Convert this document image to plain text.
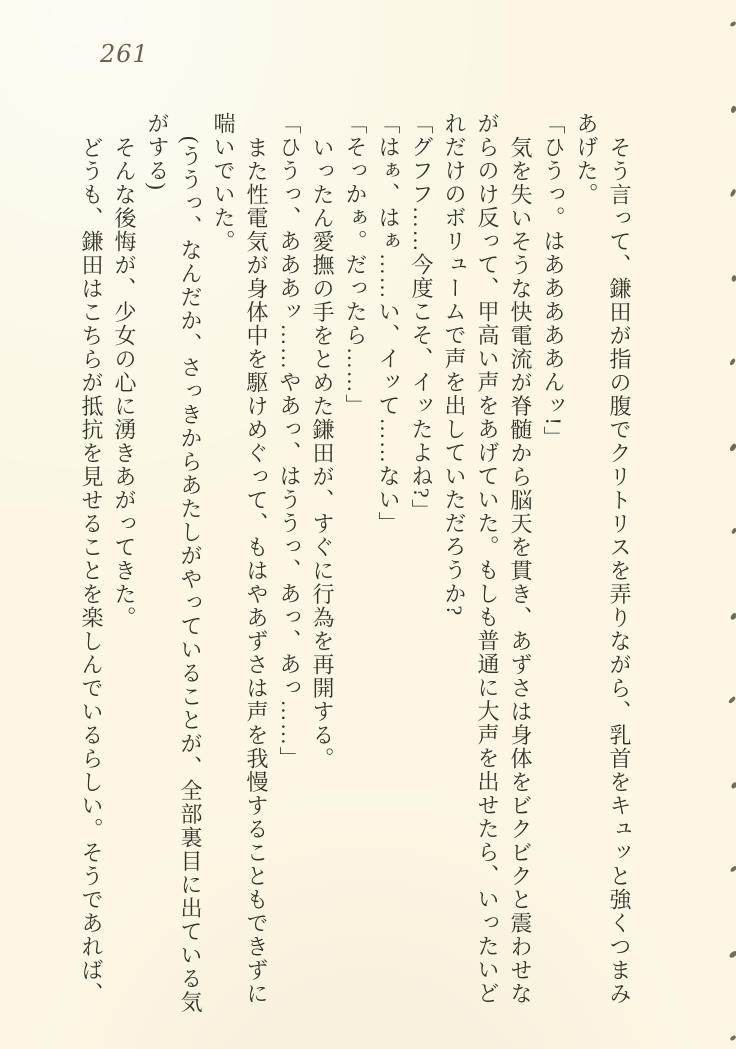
261

そう言って、鎌田が指の腹でクリトリスを弄りながら、乳首をキュッと強くつまみ

あげた。

「ひうっ。はあああああんッ!」

気を失いそうな快電流が脊髄から脳天を貫き、あずさは身体をビクビクと震わせな

がらのけ反って、甲高い声をあげていた。もしも普通に大声を出せたら、いったいど

れだけのボリュームで声を出していただろうか?

「グフフ……今度こそ、イッたよね?」

「はぁ、はぁ……い、イッて……ない」

「そっかぁ。だったら……」

いったん愛撫の手をとめた鎌田が、すぐに行為を再開する。

「ひうっ、あああッ……やあっ、はううっ、あっ、あっ……」

また性電気が身体中を駆けめぐって、もはやあずさは声を我慢することもできずに

喘いでいた。

(ううっ、なんだか、さっきからあたしがやっていることが、全部裏目に出ている気

がする)

そんな後悔が、少女の心に湧きあがってきた。

どうも、鎌田はこちらが抵抗を見せることを楽しんでいるらしい。そうであれば、
